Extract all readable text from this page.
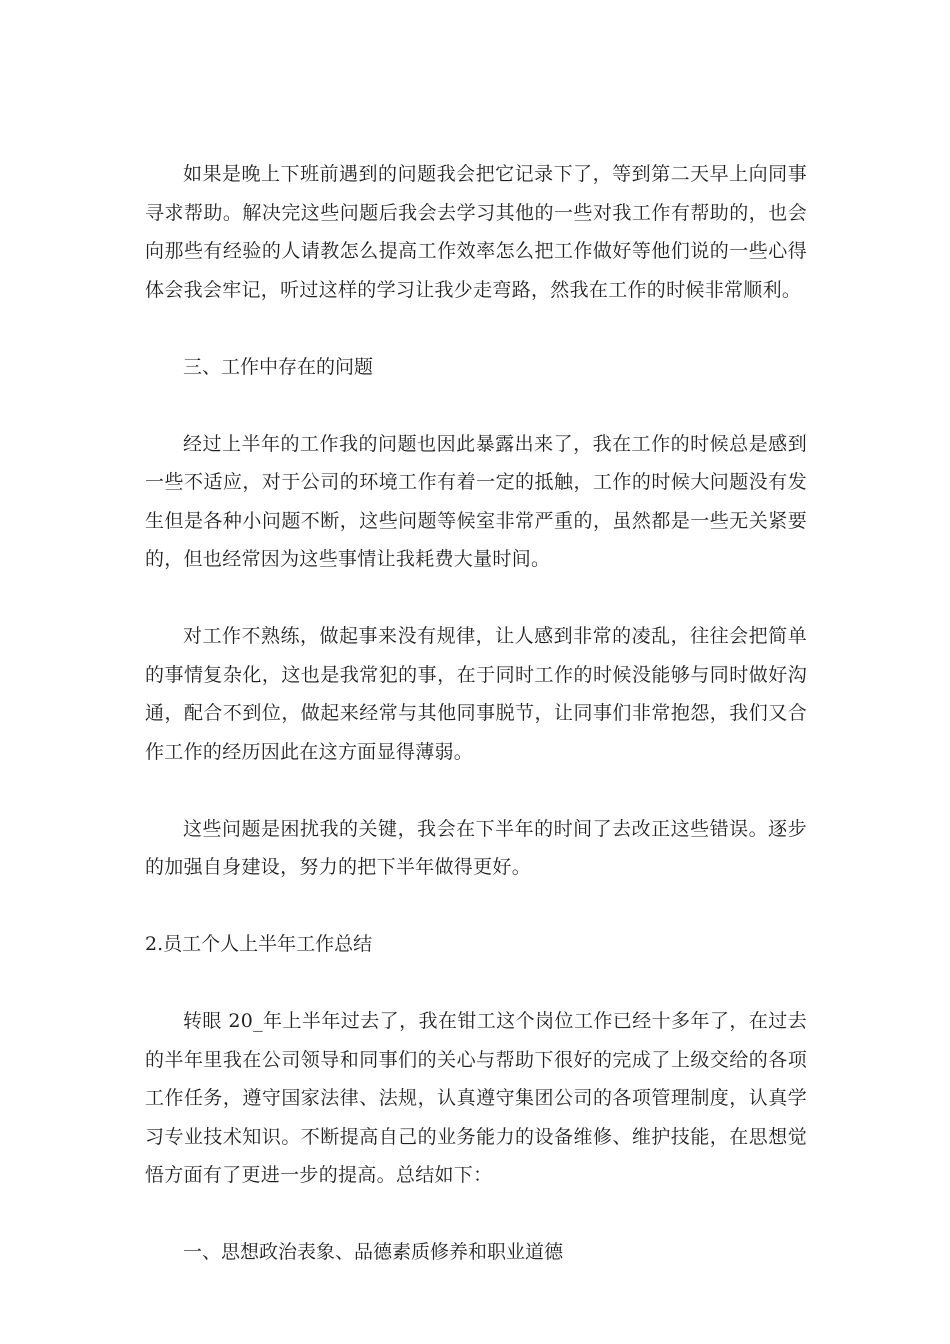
如果是晚上下班前遇到的问题我会把它记录下了，等到第二天早上向同事寻求帮助。解决完这些问题后我会去学习其他的一些对我工作有帮助的，也会向那些有经验的人请教怎么提高工作效率怎么把工作做好等他们说的一些心得体会我会牢记，听过这样的学习让我少走弯路，然我在工作的时候非常顺利。

三、工作中存在的问题

经过上半年的工作我的问题也因此暴露出来了，我在工作的时候总是感到一些不适应，对于公司的环境工作有着一定的抵触，工作的时候大问题没有发生但是各种小问题不断，这些问题等候室非常严重的，虽然都是一些无关紧要的，但也经常因为这些事情让我耗费大量时间。

对工作不熟练，做起事来没有规律，让人感到非常的凌乱，往往会把简单的事情复杂化，这也是我常犯的事，在于同时工作的时候没能够与同时做好沟通，配合不到位，做起来经常与其他同事脱节，让同事们非常抱怨，我们又合作工作的经历因此在这方面显得薄弱。

这些问题是困扰我的关键，我会在下半年的时间了去改正这些错误。逐步的加强自身建设，努力的把下半年做得更好。

2.员工个人上半年工作总结

转眼 20_年上半年过去了，我在钳工这个岗位工作已经十多年了，在过去的半年里我在公司领导和同事们的关心与帮助下很好的完成了上级交给的各项工作任务，遵守国家法律、法规，认真遵守集团公司的各项管理制度，认真学习专业技术知识。不断提高自己的业务能力的设备维修、维护技能，在思想觉悟方面有了更进一步的提高。总结如下：

一、思想政治表象、品德素质修养和职业道德
